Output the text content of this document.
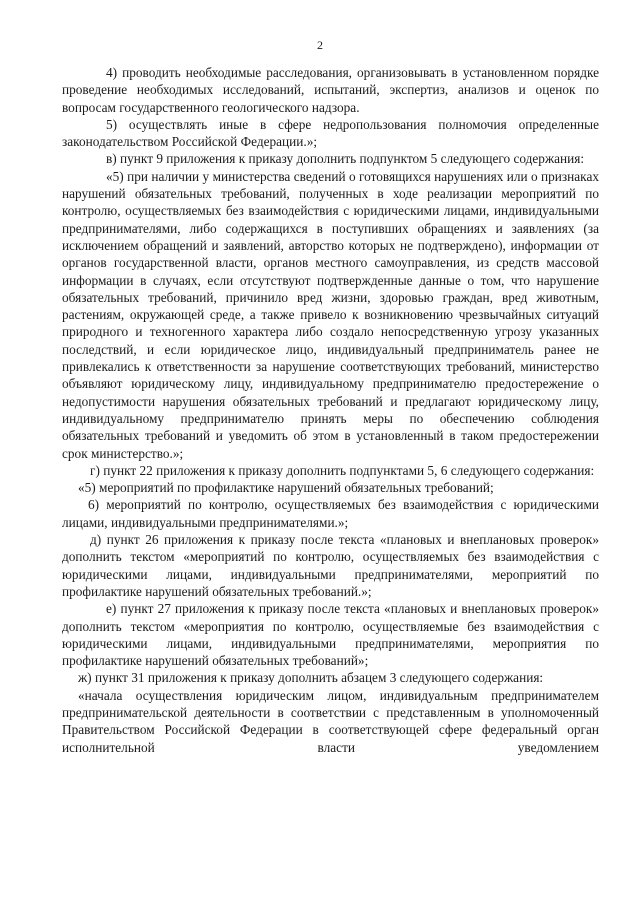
2

4) проводить необходимые расследования, организовывать в установленном порядке проведение необходимых исследований, испытаний, экспертиз, анализов и оценок по вопросам государственного геологического надзора.

5) осуществлять иные в сфере недропользования полномочия определенные законодательством Российской Федерации.»;

в) пункт 9 приложения к приказу дополнить подпунктом 5 следующего содержания:

«5) при наличии у министерства сведений о готовящихся нарушениях или о признаках нарушений обязательных требований, полученных в ходе реализации мероприятий по контролю, осуществляемых без взаимодействия с юридическими лицами, индивидуальными предпринимателями, либо содержащихся в поступивших обращениях и заявлениях (за исключением обращений и заявлений, авторство которых не подтверждено), информации от органов государственной власти, органов местного самоуправления, из средств массовой информации в случаях, если отсутствуют подтвержденные данные о том, что нарушение обязательных требований, причинило вред жизни, здоровью граждан, вред животным, растениям, окружающей среде, а также привело к возникновению чрезвычайных ситуаций природного и техногенного характера либо создало непосредственную угрозу указанных последствий, и если юридическое лицо, индивидуальный предприниматель ранее не привлекались к ответственности за нарушение соответствующих требований, министерство объявляют юридическому лицу, индивидуальному предпринимателю предостережение о недопустимости нарушения обязательных требований и предлагают юридическому лицу, индивидуальному предпринимателю принять меры по обеспечению соблюдения обязательных требований и уведомить об этом в установленный в таком предостережении срок министерство.»;

г) пункт 22 приложения к приказу дополнить подпунктами 5, 6 следующего содержания:

«5) мероприятий по профилактике нарушений обязательных требований;

6) мероприятий по контролю, осуществляемых без взаимодействия с юридическими лицами, индивидуальными предпринимателями.»;

д) пункт 26 приложения к приказу после текста «плановых и внеплановых проверок» дополнить текстом «мероприятий по контролю, осуществляемых без взаимодействия с юридическими лицами, индивидуальными предпринимателями, мероприятий по профилактике нарушений обязательных требований.»;

е) пункт 27 приложения к приказу после текста «плановых и внеплановых проверок» дополнить текстом «мероприятия по контролю, осуществляемые без взаимодействия с юридическими лицами, индивидуальными предпринимателями, мероприятия по профилактике нарушений обязательных требований»;

ж) пункт 31 приложения к приказу дополнить абзацем 3 следующего содержания:

«начала осуществления юридическим лицом, индивидуальным предпринимателем предпринимательской деятельности в соответствии с представленным в уполномоченный Правительством Российской Федерации в соответствующей сфере федеральный орган исполнительной власти уведомлением
